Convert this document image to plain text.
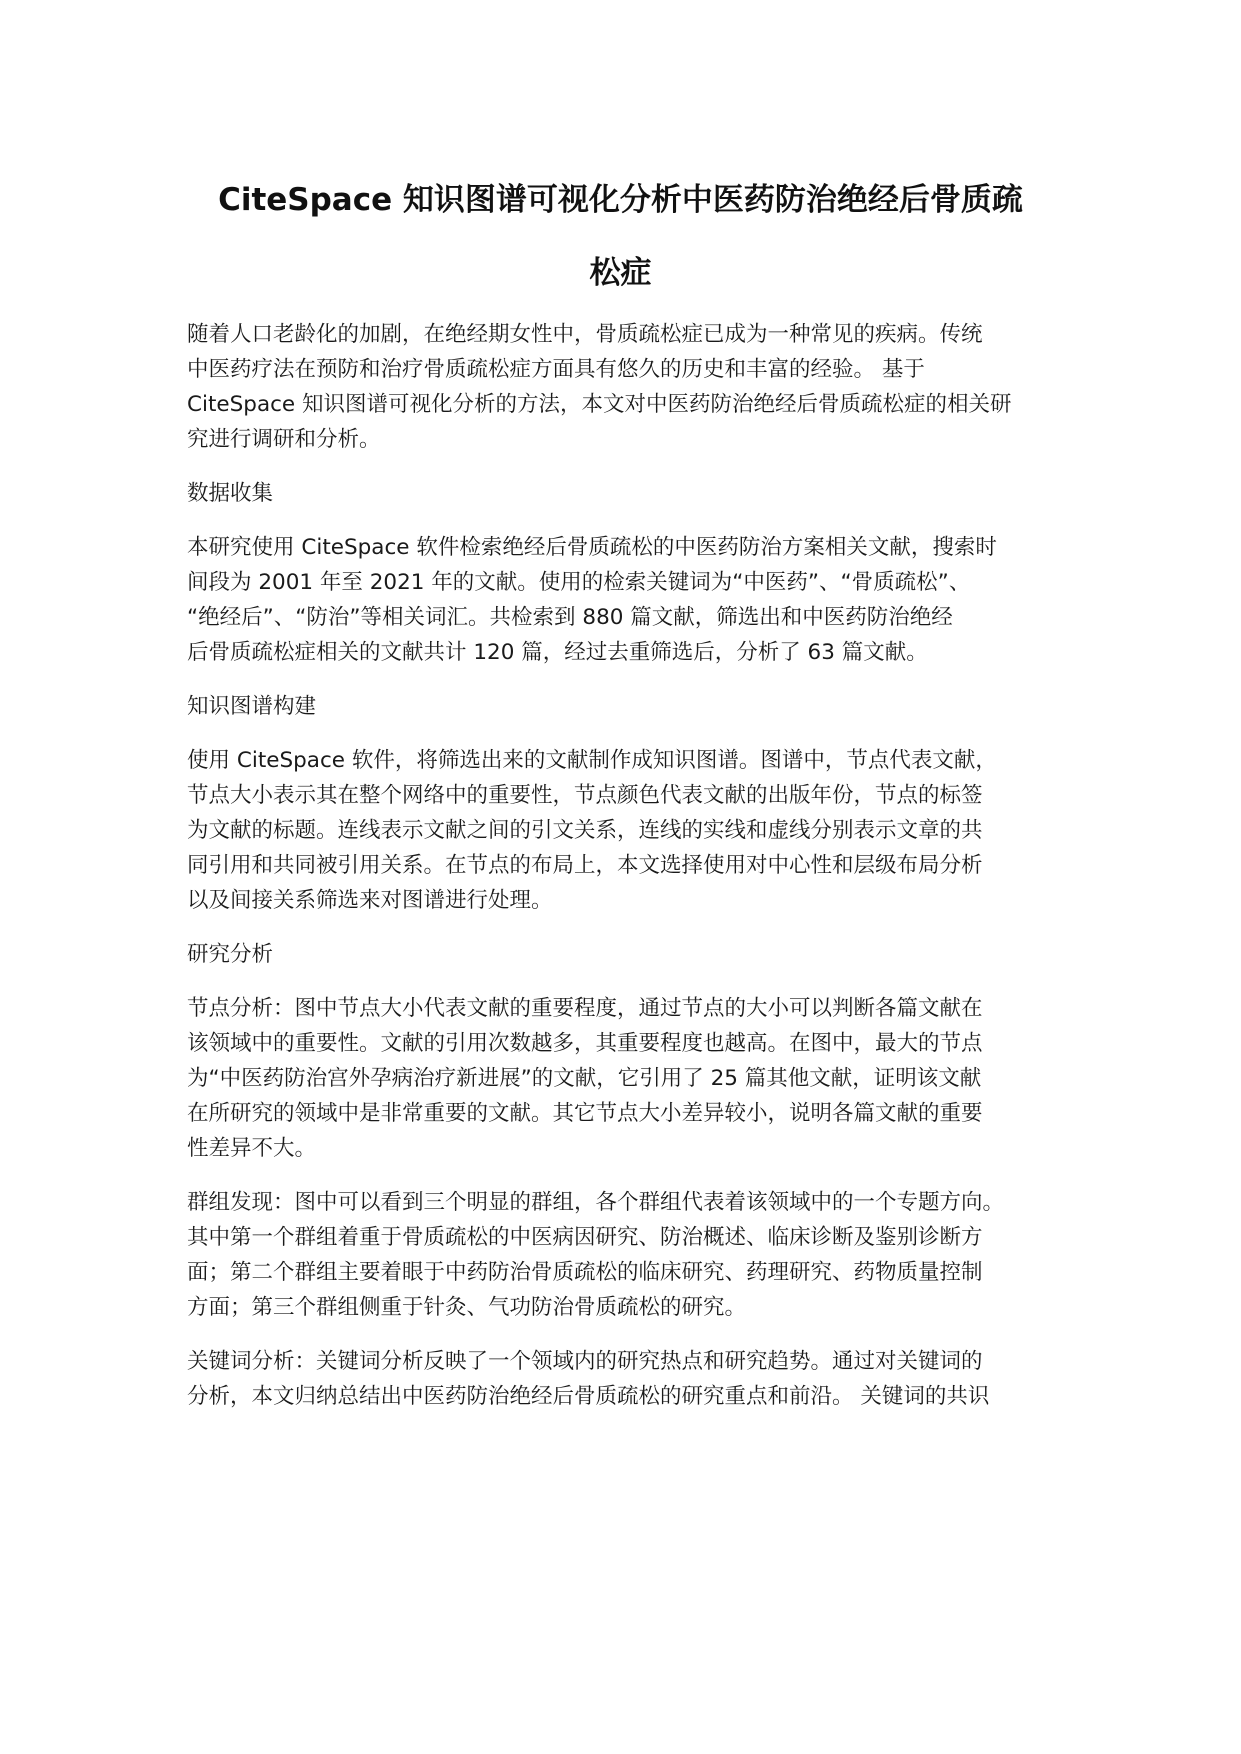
CiteSpace 知识图谱可视化分析中医药防治绝经后骨质疏
松症

随着人口老龄化的加剧，在绝经期女性中，骨质疏松症已成为一种常见的疾病。传统

中医药疗法在预防和治疗骨质疏松症方面具有悠久的历史和丰富的经验。 基于

CiteSpace 知识图谱可视化分析的方法，本文对中医药防治绝经后骨质疏松症的相关研

究进行调研和分析。

数据收集

本研究使用 CiteSpace 软件检索绝经后骨质疏松的中医药防治方案相关文献，搜索时

间段为 2001 年至 2021 年的文献。使用的检索关键词为“中医药”、“骨质疏松”、

“绝经后”、“防治”等相关词汇。共检索到 880 篇文献，筛选出和中医药防治绝经

后骨质疏松症相关的文献共计 120 篇，经过去重筛选后，分析了 63 篇文献。

知识图谱构建

使用 CiteSpace 软件，将筛选出来的文献制作成知识图谱。图谱中，节点代表文献，

节点大小表示其在整个网络中的重要性，节点颜色代表文献的出版年份，节点的标签

为文献的标题。连线表示文献之间的引文关系，连线的实线和虚线分别表示文章的共

同引用和共同被引用关系。在节点的布局上，本文选择使用对中心性和层级布局分析

以及间接关系筛选来对图谱进行处理。

研究分析

节点分析：图中节点大小代表文献的重要程度，通过节点的大小可以判断各篇文献在

该领域中的重要性。文献的引用次数越多，其重要程度也越高。在图中，最大的节点

为“中医药防治宫外孕病治疗新进展”的文献，它引用了 25 篇其他文献，证明该文献

在所研究的领域中是非常重要的文献。其它节点大小差异较小，说明各篇文献的重要

性差异不大。

群组发现：图中可以看到三个明显的群组，各个群组代表着该领域中的一个专题方向。

其中第一个群组着重于骨质疏松的中医病因研究、防治概述、临床诊断及鉴别诊断方

面；第二个群组主要着眼于中药防治骨质疏松的临床研究、药理研究、药物质量控制

方面；第三个群组侧重于针灸、气功防治骨质疏松的研究。

关键词分析：关键词分析反映了一个领域内的研究热点和研究趋势。通过对关键词的

分析，本文归纳总结出中医药防治绝经后骨质疏松的研究重点和前沿。 关键词的共识
